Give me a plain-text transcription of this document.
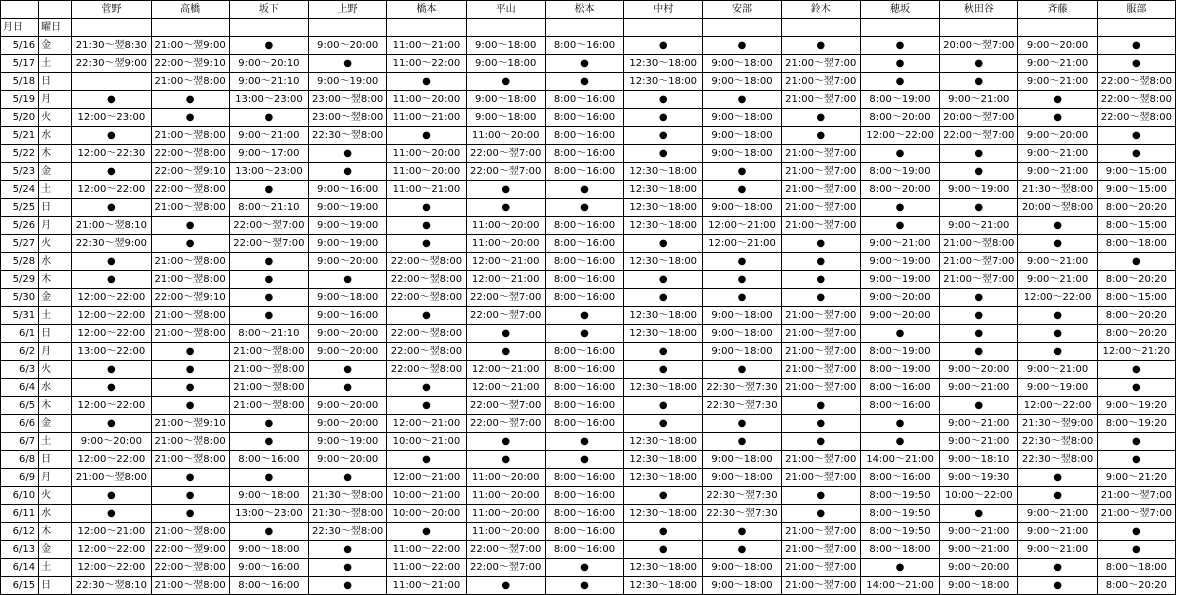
		菅野	高橋	坂下	上野	橋本	平山	松本	中村	安部	鈴木	穂坂	秋田谷	斉藤	服部
月日	曜日														
5/16	金	21:30～翌8:30	21:00～翌9:00	●	9:00～20:00	11:00～21:00	9:00～18:00	8:00～16:00	●	●	●	●	20:00～翌7:00	9:00～20:00	●
5/17	土	22:30～翌9:00	22:00～翌9:10	9:00～20:10	●	11:00～22:00	9:00～18:00	●	12:30～18:00	9:00～18:00	21:00～翌7:00	●	●	9:00～21:00	●
5/18	日		21:00～翌8:00	9:00～21:10	9:00～19:00	●	●	●	12:30～18:00	9:00～18:00	21:00～翌7:00	●	●	9:00～21:00	22:00～翌8:00
5/19	月	●	●	13:00～23:00	23:00～翌8:00	11:00～20:00	9:00～18:00	8:00～16:00	●	●	21:00～翌7:00	8:00～19:00	9:00～21:00	●	22:00～翌8:00
5/20	火	12:00～23:00	●	●	23:00～翌8:00	11:00～21:00	9:00～18:00	8:00～16:00	●	9:00～18:00	●	8:00～20:00	20:00～翌7:00	●	22:00～翌8:00
5/21	水	●	21:00～翌8:00	9:00～21:00	22:30～翌8:00	●	11:00～20:00	8:00～16:00	●	9:00～18:00	●	12:00～22:00	22:00～翌7:00	9:00～20:00	●
5/22	木	12:00～22:30	22:00～翌8:00	9:00～17:00	●	11:00～20:00	22:00～翌7:00	8:00～16:00	●	9:00～18:00	21:00～翌7:00	●	●	9:00～21:00	●
5/23	金	●	22:00～翌9:10	13:00～23:00	●	11:00～20:00	22:00～翌7:00	8:00～16:00	12:30～18:00	●	21:00～翌7:00	8:00～19:00	●	9:00～21:00	9:00～15:00
5/24	土	12:00～22:00	22:00～翌8:00	●	9:00～16:00	11:00～21:00	●	●	12:30～18:00	●	21:00～翌7:00	8:00～20:00	9:00～19:00	21:30～翌8:00	9:00～15:00
5/25	日	●	21:00～翌8:00	8:00～21:10	9:00～19:00	●	●	●	12:30～18:00	9:00～18:00	21:00～翌7:00	●	●	20:00～翌8:00	8:00～20:20
5/26	月	21:00～翌8:10	●	22:00～翌7:00	9:00～19:00	●	11:00～20:00	8:00～16:00	12:30～18:00	12:00～21:00	21:00～翌7:00	●	9:00～21:00	●	8:00～15:00
5/27	火	22:30～翌9:00	●	22:00～翌7:00	9:00～19:00	●	11:00～20:00	8:00～16:00	●	12:00～21:00	●	9:00～21:00	21:00～翌8:00	●	8:00～18:00
5/28	水	●	21:00～翌8:00	●	9:00～20:00	22:00～翌8:00	12:00～21:00	8:00～16:00	12:30～18:00	●	●	9:00～19:00	21:00～翌7:00	9:00～21:00	●
5/29	木	●	21:00～翌8:00	●	●	22:00～翌8:00	12:00～21:00	8:00～16:00	●	●	●	9:00～19:00	21:00～翌7:00	9:00～21:00	8:00～20:20
5/30	金	12:00～22:00	22:00～翌9:10	●	9:00～18:00	22:00～翌8:00	22:00～翌7:00	8:00～16:00	●	●	●	9:00～20:00	●	12:00～22:00	8:00～15:00
5/31	土	12:00～22:00	21:00～翌8:00	●	9:00～16:00	●	22:00～翌7:00	●	12:30～18:00	9:00～18:00	21:00～翌7:00	9:00～20:00	●	●	8:00～20:20
6/1	日	12:00～22:00	21:00～翌8:00	8:00～21:10	9:00～20:00	22:00～翌8:00	●	●	12:30～18:00	9:00～18:00	21:00～翌7:00	●	●	●	8:00～20:20
6/2	月	13:00～22:00	●	21:00～翌8:00	9:00～20:00	22:00～翌8:00	●	8:00～16:00	●	9:00～18:00	21:00～翌7:00	8:00～19:00	●	●	12:00～21:20
6/3	火	●	●	21:00～翌8:00	●	22:00～翌8:00	12:00～21:00	8:00～16:00	●	●	21:00～翌7:00	8:00～19:00	9:00～20:00	9:00～21:00	●
6/4	水	●	●	21:00～翌8:00	●	●	12:00～21:00	8:00～16:00	12:30～18:00	22:30～翌7:30	21:00～翌7:00	8:00～16:00	9:00～21:00	9:00～19:00	●
6/5	木	12:00～22:00	●	21:00～翌8:00	9:00～20:00	●	22:00～翌7:00	8:00～16:00	●	22:30～翌7:30	●	8:00～16:00	●	12:00～22:00	9:00～19:20
6/6	金	●	21:00～翌9:10	●	9:00～20:00	12:00～21:00	22:00～翌7:00	8:00～16:00	●	●	●	●	9:00～21:00	21:30～翌9:00	8:00～19:20
6/7	土	9:00～20:00	21:00～翌8:00	●	9:00～19:00	10:00～21:00	●	●	12:30～18:00	●	●	●	9:00～21:00	22:30～翌8:00	●
6/8	日	12:00～22:00	21:00～翌8:00	8:00～16:00	9:00～20:00	●	●	●	12:30～18:00	9:00～18:00	21:00～翌7:00	14:00～21:00	9:00～18:10	22:30～翌8:00	●
6/9	月	21:00～翌8:00	●	●	●	12:00～21:00	11:00～20:00	8:00～16:00	12:30～18:00	9:00～18:00	21:00～翌7:00	8:00～16:00	9:00～19:30	●	9:00～21:20
6/10	火	●	●	9:00～18:00	21:30～翌8:00	10:00～21:00	11:00～20:00	8:00～16:00	●	22:30～翌7:30	●	8:00～19:50	10:00～22:00	●	21:00～翌7:00
6/11	水	●	●	13:00～23:00	21:30～翌8:00	10:00～20:00	11:00～20:00	8:00～16:00	12:30～18:00	22:30～翌7:30	●	8:00～19:50	●	9:00～21:00	21:00～翌7:00
6/12	木	12:00～21:00	21:00～翌8:00	●	22:30～翌8:00	●	11:00～20:00	8:00～16:00	●	●	21:00～翌7:00	8:00～19:50	9:00～21:00	9:00～21:00	●
6/13	金	12:00～22:00	22:00～翌9:00	9:00～18:00	●	11:00～22:00	22:00～翌7:00	8:00～16:00	●	●	21:00～翌7:00	8:00～18:00	9:00～21:00	9:00～21:00	●
6/14	土	12:00～22:00	22:00～翌8:00	9:00～16:00	●	11:00～22:00	22:00～翌7:00	●	12:30～18:00	9:00～18:00	21:00～翌7:00	●	9:00～20:00	●	8:00～18:00
6/15	日	22:30～翌8:10	21:00～翌8:00	8:00～16:00	●	11:00～21:00	●	●	12:30～18:00	9:00～18:00	21:00～翌7:00	14:00～21:00	9:00～18:00	●	8:00～20:20
